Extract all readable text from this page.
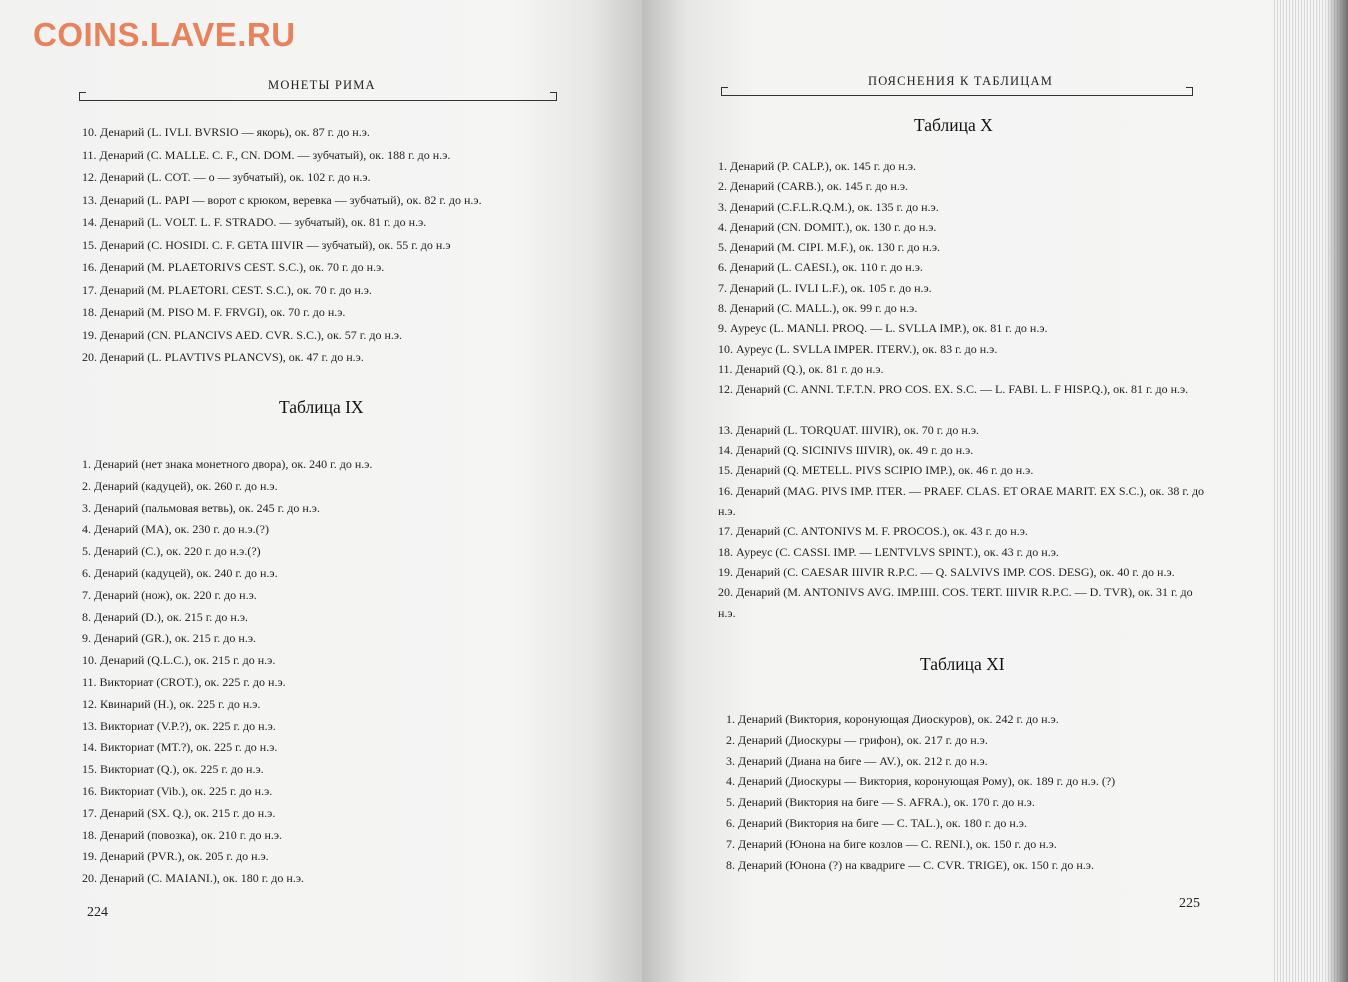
МОНЕТЫ РИМА
10. Денарий (L. IVLI. BVRSIO — якорь), ок. 87 г. до н.э.
11. Денарий (C. MALLE. C. F., CN. DOM. — зубчатый), ок. 188 г. до н.э.
12. Денарий (L. COT. — о — зубчатый), ок. 102 г. до н.э.
13. Денарий (L. PAPI — ворот с крюком, веревка — зубчатый), ок. 82 г. до н.э.
14. Денарий (L. VOLT. L. F. STRADO. — зубчатый), ок. 81 г. до н.э.
15. Денарий (C. HOSIDI. C. F. GETA IIIVIR — зубчатый), ок. 55 г. до н.э
16. Денарий (M. PLAETORIVS CEST. S.C.), ок. 70 г. до н.э.
17. Денарий (M. PLAETORI. CEST. S.C.), ок. 70 г. до н.э.
18. Денарий (M. PISO M. F. FRVGI), ок. 70 г. до н.э.
19. Денарий (CN. PLANCIVS AED. CVR. S.C.), ок. 57 г. до н.э.
20. Денарий (L. PLAVTIVS PLANCVS), ок. 47 г. до н.э.
Таблица IX
1. Денарий (нет знака монетного двора), ок. 240 г. до н.э.
2. Денарий (кадуцей), ок. 260 г. до н.э.
3. Денарий (пальмовая ветвь), ок. 245 г. до н.э.
4. Денарий (MA), ок. 230 г. до н.э.(?)
5. Денарий (C.), ок. 220 г. до н.э.(?)
6. Денарий (кадуцей), ок. 240 г. до н.э.
7. Денарий (нож), ок. 220 г. до н.э.
8. Денарий (D.), ок. 215 г. до н.э.
9. Денарий (GR.), ок. 215 г. до н.э.
10. Денарий (Q.L.C.), ок. 215 г. до н.э.
11. Викториат (CROT.), ок. 225 г. до н.э.
12. Квинарий (H.), ок. 225 г. до н.э.
13. Викториат (V.P.?), ок. 225 г. до н.э.
14. Викториат (MT.?), ок. 225 г. до н.э.
15. Викториат (Q.), ок. 225 г. до н.э.
16. Викториат (Vib.), ок. 225 г. до н.э.
17. Денарий (SX. Q.), ок. 215 г. до н.э.
18. Денарий (повозка), ок. 210 г. до н.э.
19. Денарий (PVR.), ок. 205 г. до н.э.
20. Денарий (C. MAIANI.), ок. 180 г. до н.э.
224
ПОЯСНЕНИЯ К ТАБЛИЦАМ
Таблица X
1. Денарий (P. CALP.), ок. 145 г. до н.э.
2. Денарий (CARB.), ок. 145 г. до н.э.
3. Денарий (C.F.L.R.Q.M.), ок. 135 г. до н.э.
4. Денарий (CN. DOMIT.), ок. 130 г. до н.э.
5. Денарий (M. CIPI. M.F.), ок. 130 г. до н.э.
6. Денарий (L. CAESI.), ок. 110 г. до н.э.
7. Денарий (L. IVLI L.F.), ок. 105 г. до н.э.
8. Денарий (C. MALL.), ок. 99 г. до н.э.
9. Ауреус (L. MANLI. PROQ. — L. SVLLA IMP.), ок. 81 г. до н.э.
10. Ауреус (L. SVLLA IMPER. ITERV.), ок. 83 г. до н.э.
11. Денарий (Q.), ок. 81 г. до н.э.
12. Денарий (C. ANNI. T.F.T.N. PRO COS. EX. S.C. — L. FABI. L. F HISP.Q.), ок. 81 г. до н.э.
13. Денарий (L. TORQUAT. IIIVIR), ок. 70 г. до н.э.
14. Денарий (Q. SICINIVS IIIVIR), ок. 49 г. до н.э.
15. Денарий (Q. METELL. PIVS SCIPIO IMP.), ок. 46 г. до н.э.
16. Денарий (MAG. PIVS IMP. ITER. — PRAEF. CLAS. ET ORAE MARIT. EX S.C.), ок. 38 г. до н.э.
17. Денарий (C. ANTONIVS M. F. PROCOS.), ок. 43 г. до н.э.
18. Ауреус (C. CASSI. IMP. — LENTVLVS SPINT.), ок. 43 г. до н.э.
19. Денарий (C. CAESAR IIIVIR R.P.C. — Q. SALVIVS IMP. COS. DESG), ок. 40 г. до н.э.
20. Денарий (M. ANTONIVS AVG. IMP.IIII. COS. TERT. IIIVIR R.P.C. — D. TVR), ок. 31 г. до н.э.
Таблица XI
1. Денарий (Виктория, коронующая Диоскуров), ок. 242 г. до н.э.
2. Денарий (Диоскуры — грифон), ок. 217 г. до н.э.
3. Денарий (Диана на биге — AV.), ок. 212 г. до н.э.
4. Денарий (Диоскуры — Виктория, коронующая Рому), ок. 189 г. до н.э. (?)
5. Денарий (Виктория на биге — S. AFRA.), ок. 170 г. до н.э.
6. Денарий (Виктория на биге — C. TAL.), ок. 180 г. до н.э.
7. Денарий (Юнона на биге козлов — C. RENI.), ок. 150 г. до н.э.
8. Денарий (Юнона (?) на квадриге — C. CVR. TRIGE), ок. 150 г. до н.э.
225
COINS.LAVE.RU
